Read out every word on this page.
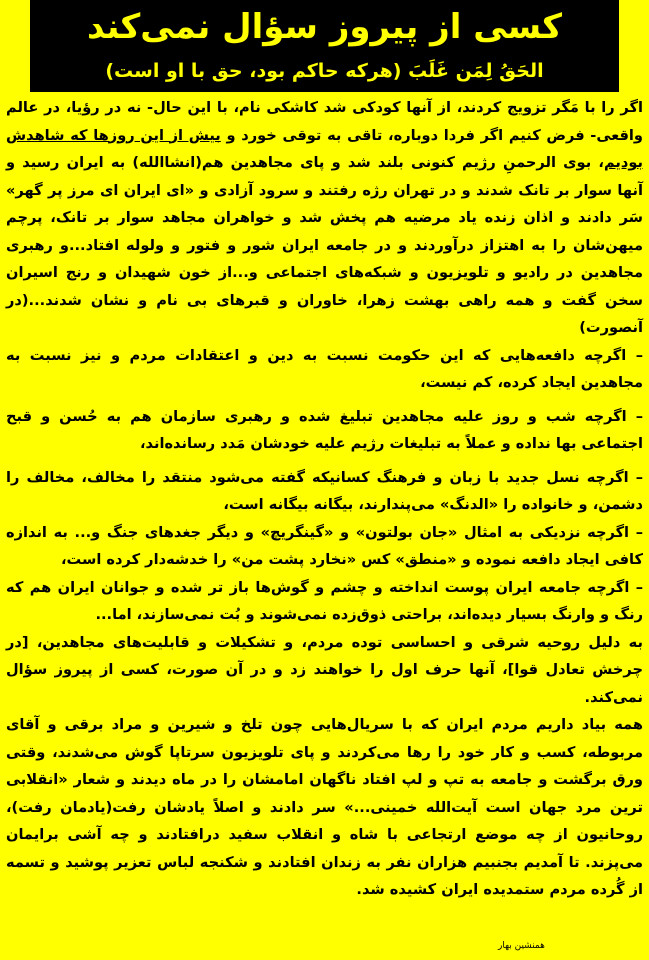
کسی از پیروز سؤال نمی‌کند
الحَقُ لِمَن غَلَبَ (هرکه حاکم بود، حق با او است)

اگر را با مَگر تزویج کردند، از آنها کودکی شد کاشکی نام، با این حال- نه در رؤیا، در عالم واقعی- فرض کنیم اگر فردا دوباره، تاقی به توقی خورد و بیش از این روزها که شاهدش بودیم، بوی الرحمنِ رژیم کنونی بلند شد و پای مجاهدین هم(انشاالله) به ایران رسید و آنها سوار بر تانک شدند و در تهران رژه رفتند و سرود آزادی و «ای ایران ای مرز پر گهر» سَر دادند و اذان زنده یاد مرضیه هم پخش شد و خواهران مجاهد سوار بر تانک، پرچم میهن‌شان را به اهتزاز درآوردند و در جامعه ایران شور و فتور و ولوله افتاد...و رهبری مجاهدین در رادیو و تلویزیون و شبکه‌های اجتماعی و...از خون شهیدان و رنج اسیران سخن گفت و همه راهی بهشت زهرا، خاوران و قبرهای بی نام و نشان شدند...(در آنصورت)

– اگرچه دافعه‌هایی که این حکومت نسبت به دین و اعتقادات مردم و نیز نسبت به مجاهدین ایجاد کرده، کم نیست،

– اگرچه شب و روز علیه مجاهدین تبلیغ شده و رهبری سازمان هم به حُسن و قبح اجتماعی بها نداده و عملاً به تبلیغات رژیم علیه خودشان مَدد رسانده‌اند،

– اگرچه نسل جدید با زبان و فرهنگ کسانیکه گفته می‌شود منتقد را مخالف، مخالف را دشمن، و خانواده را «الدنگ» می‌پندارند، بیگانه بیگانه است،

– اگرچه نزدیکی به امثال «جان بولتون» و «گینگریچ» و دیگر جغدهای جنگ و... به اندازه کافی ایجاد دافعه نموده و «منطق» کس «نخارد پشت من» را خدشه‌دار کرده است،

– اگرچه جامعه ایران پوست انداخته و چشم و گوش‌ها باز تر شده و جوانان ایران هم که رنگ و وارنگ بسیار دیده‌اند، براحتی ذوق‌زده نمی‌شوند و بُت نمی‌سازند، اما...

به دلیل روحیه شرقی و احساسی توده مردم، و تشکیلات و قابلیت‌های مجاهدین، [در چرخش تعادل قوا]، آنها حرف اول را خواهند زد و در آن صورت، کسی از پیروز سؤال نمی‌کند.

همه بیاد داریم مردم ایران که با سریال‌هایی چون تلخ و شیرین و مراد برقی و آقای مربوطه، کسب و کار خود را رها می‌کردند و پای تلویزیون سرتاپا گوش می‌شدند، وقتی ورق برگشت و جامعه به تپ و لپ افتاد ناگهان امامشان را در ماه دیدند و شعار «انقلابی ترین مرد جهان است آیت‌الله خمینی...» سر دادند و اصلاً یادشان رفت(یادمان رفت)، روحانیون از چه موضع ارتجاعی با شاه و انقلاب سفید درافتادند و چه آشی برایمان می‌پزند. تا آمدیم بجنبیم هزاران نفر به زندان افتادند و شکنجه لباس تعزیر پوشید و تسمه از گُرده مردم ستمدیده ایران کشیده شد.

همنشین بهار
